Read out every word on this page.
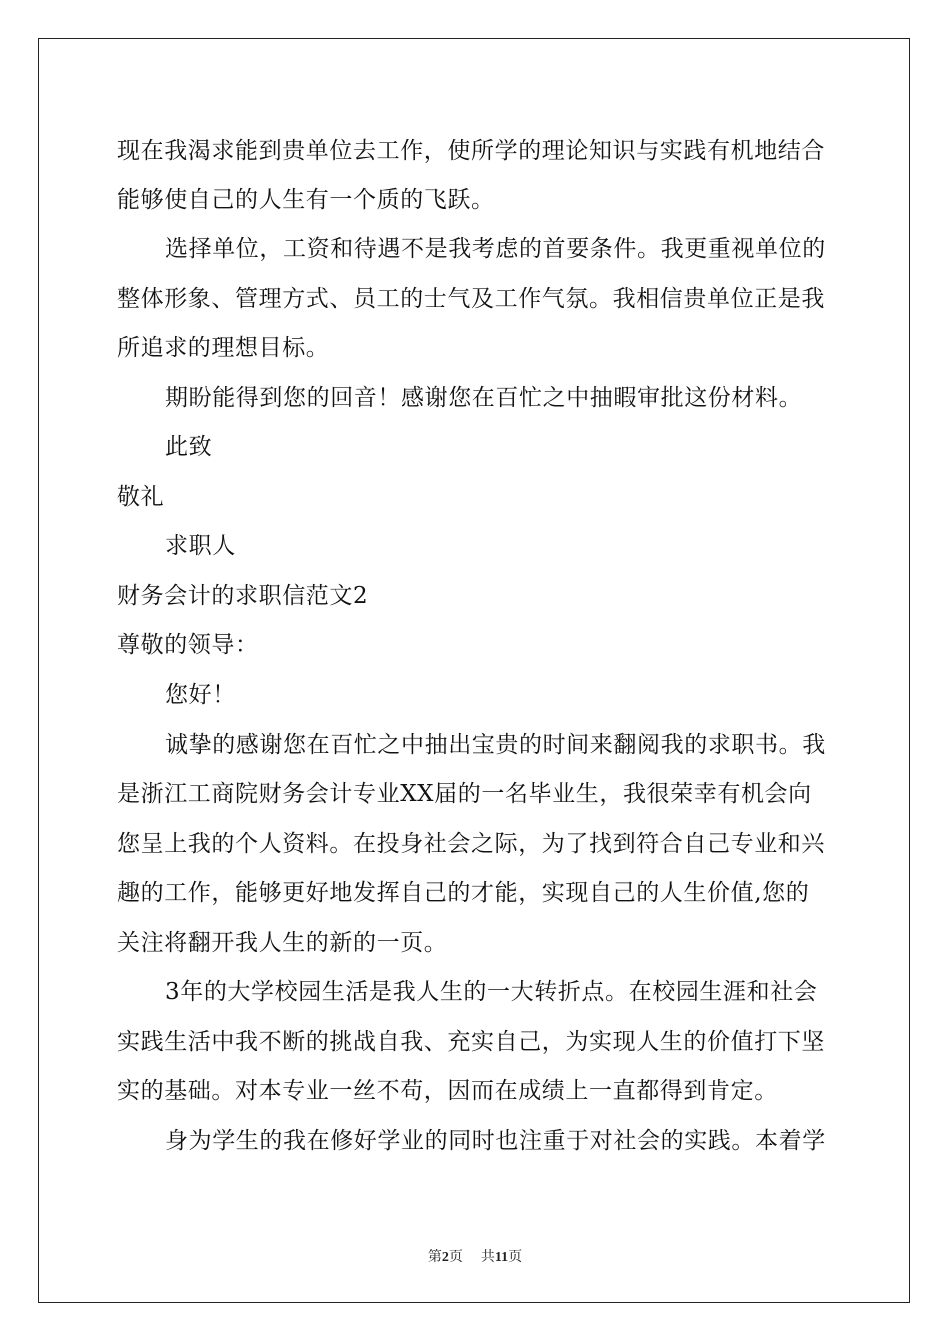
现在我渴求能到贵单位去工作，使所学的理论知识与实践有机地结合
能够使自己的人生有一个质的飞跃。
选择单位，工资和待遇不是我考虑的首要条件。我更重视单位的
整体形象、管理方式、员工的士气及工作气氛。我相信贵单位正是我
所追求的理想目标。
期盼能得到您的回音！感谢您在百忙之中抽暇审批这份材料。
此致
敬礼
求职人
财务会计的求职信范文2
尊敬的领导：
您好！
诚挚的感谢您在百忙之中抽出宝贵的时间来翻阅我的求职书。我
是浙江工商院财务会计专业XX届的一名毕业生，我很荣幸有机会向
您呈上我的个人资料。在投身社会之际，为了找到符合自己专业和兴
趣的工作，能够更好地发挥自己的才能，实现自己的人生价值,您的
关注将翻开我人生的新的一页。
3年的大学校园生活是我人生的一大转折点。在校园生涯和社会
实践生活中我不断的挑战自我、充实自己，为实现人生的价值打下坚
实的基础。对本专业一丝不苟，因而在成绩上一直都得到肯定。
身为学生的我在修好学业的同时也注重于对社会的实践。本着学
第2页 共11页
